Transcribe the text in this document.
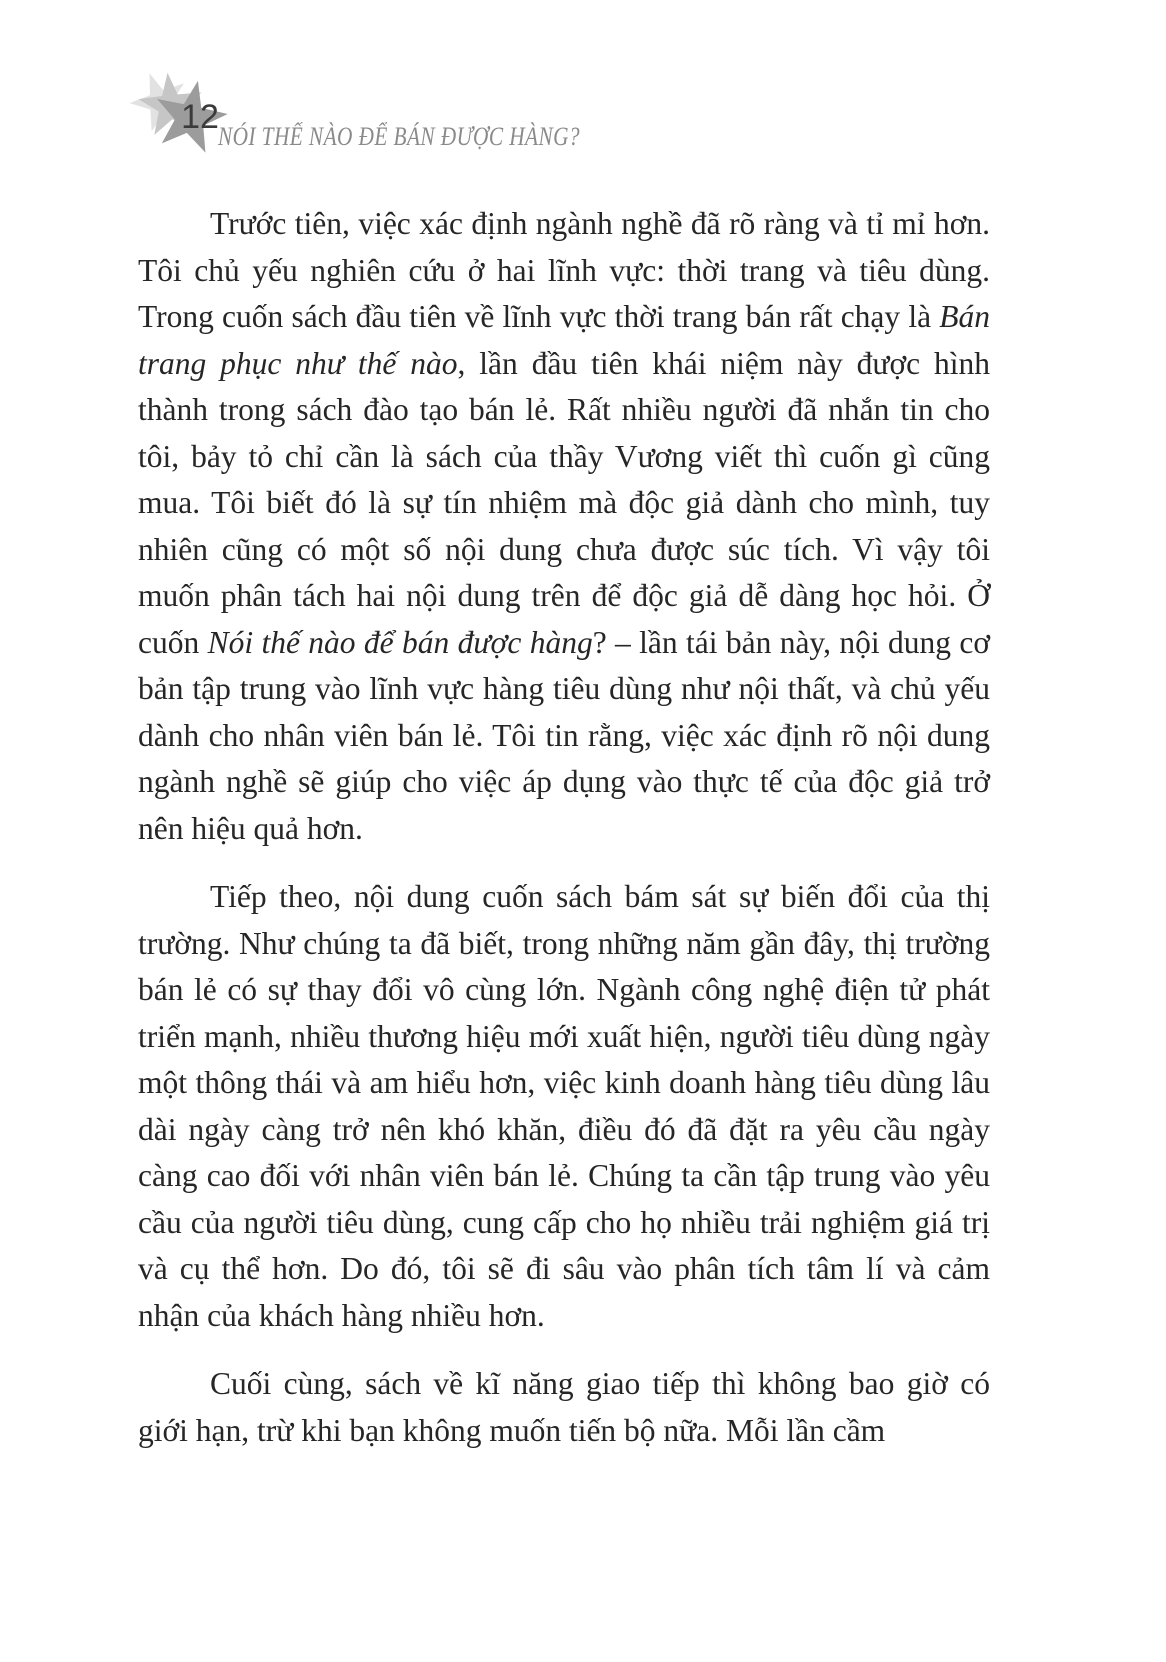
12
NÓI THẾ NÀO ĐỂ BÁN ĐƯỢC HÀNG?

Trước tiên, việc xác định ngành nghề đã rõ ràng và tỉ mỉ hơn. Tôi chủ yếu nghiên cứu ở hai lĩnh vực: thời trang và tiêu dùng. Trong cuốn sách đầu tiên về lĩnh vực thời trang bán rất chạy là Bán trang phục như thế nào, lần đầu tiên khái niệm này được hình thành trong sách đào tạo bán lẻ. Rất nhiều người đã nhắn tin cho tôi, bảy tỏ chỉ cần là sách của thầy Vương viết thì cuốn gì cũng mua. Tôi biết đó là sự tín nhiệm mà độc giả dành cho mình, tuy nhiên cũng có một số nội dung chưa được súc tích. Vì vậy tôi muốn phân tách hai nội dung trên để độc giả dễ dàng học hỏi. Ở cuốn Nói thế nào để bán được hàng? – lần tái bản này, nội dung cơ bản tập trung vào lĩnh vực hàng tiêu dùng như nội thất, và chủ yếu dành cho nhân viên bán lẻ. Tôi tin rằng, việc xác định rõ nội dung ngành nghề sẽ giúp cho việc áp dụng vào thực tế của độc giả trở nên hiệu quả hơn.

Tiếp theo, nội dung cuốn sách bám sát sự biến đổi của thị trường. Như chúng ta đã biết, trong những năm gần đây, thị trường bán lẻ có sự thay đổi vô cùng lớn. Ngành công nghệ điện tử phát triển mạnh, nhiều thương hiệu mới xuất hiện, người tiêu dùng ngày một thông thái và am hiểu hơn, việc kinh doanh hàng tiêu dùng lâu dài ngày càng trở nên khó khăn, điều đó đã đặt ra yêu cầu ngày càng cao đối với nhân viên bán lẻ. Chúng ta cần tập trung vào yêu cầu của người tiêu dùng, cung cấp cho họ nhiều trải nghiệm giá trị và cụ thể hơn. Do đó, tôi sẽ đi sâu vào phân tích tâm lí và cảm nhận của khách hàng nhiều hơn.

Cuối cùng, sách về kĩ năng giao tiếp thì không bao giờ có giới hạn, trừ khi bạn không muốn tiến bộ nữa. Mỗi lần cầm
